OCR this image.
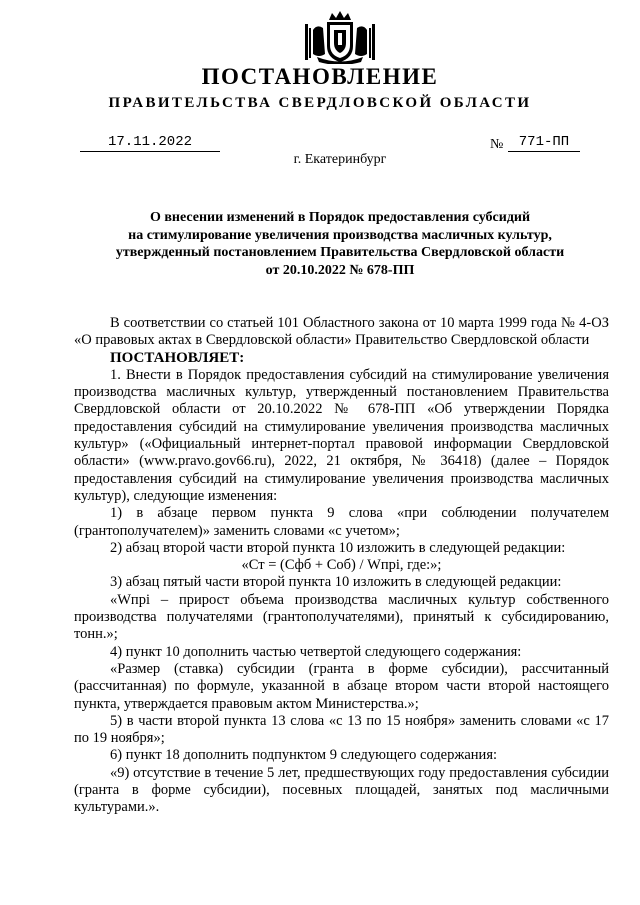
ПОСТАНОВЛЕНИЕ
ПРАВИТЕЛЬСТВА СВЕРДЛОВСКОЙ ОБЛАСТИ
17.11.2022	№	771-ПП
г. Екатеринбург
О внесении изменений в Порядок предоставления субсидий
на стимулирование увеличения производства масличных культур,
утвержденный постановлением Правительства Свердловской области
от 20.10.2022 № 678-ПП

В соответствии со статьей 101 Областного закона от 10 марта 1999 года № 4-ОЗ «О правовых актах в Свердловской области» Правительство Свердловской области

ПОСТАНОВЛЯЕТ:

1. Внести в Порядок предоставления субсидий на стимулирование увеличения производства масличных культур, утвержденный постановлением Правительства Свердловской области от 20.10.2022 № 678-ПП «Об утверждении Порядка предоставления субсидий на стимулирование увеличения производства масличных культур» («Официальный интернет-портал правовой информации Свердловской области» (www.pravo.gov66.ru), 2022, 21 октября, № 36418) (далее – Порядок предоставления субсидий на стимулирование увеличения производства масличных культур), следующие изменения:

1) в абзаце первом пункта 9 слова «при соблюдении получателем (грантополучателем)» заменить словами «с учетом»;

2) абзац второй части второй пункта 10 изложить в следующей редакции:

«Ст = (Сфб + Соб) / Wпрi, где:»;

3) абзац пятый части второй пункта 10 изложить в следующей редакции:

«Wпрi – прирост объема производства масличных культур собственного производства получателями (грантополучателями), принятый к субсидированию, тонн.»;

4) пункт 10 дополнить частью четвертой следующего содержания:

«Размер (ставка) субсидии (гранта в форме субсидии), рассчитанный (рассчитанная) по формуле, указанной в абзаце втором части второй настоящего пункта, утверждается правовым актом Министерства.»;

5) в части второй пункта 13 слова «с 13 по 15 ноября» заменить словами «с 17 по 19 ноября»;

6) пункт 18 дополнить подпунктом 9 следующего содержания:

«9) отсутствие в течение 5 лет, предшествующих году предоставления субсидии (гранта в форме субсидии), посевных площадей, занятых под масличными культурами.».
